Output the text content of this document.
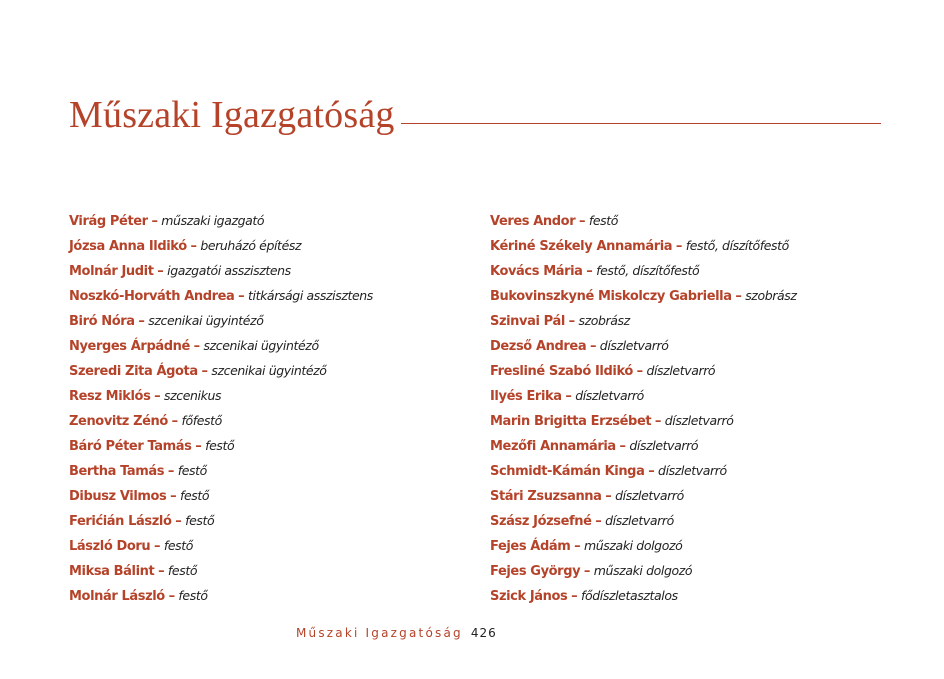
Műszaki Igazgatóság
Virág Péter – műszaki igazgató
Józsa Anna Ildikó – beruházó építész
Molnár Judit – igazgatói asszisztens
Noszkó-Horváth Andrea – titkársági asszisztens
Biró Nóra – szcenikai ügyintéző
Nyerges Árpádné – szcenikai ügyintéző
Szeredi Zita Ágota – szcenikai ügyintéző
Resz Miklós – szcenikus
Zenovitz Zénó – főfestő
Báró Péter Tamás – festő
Bertha Tamás – festő
Dibusz Vilmos – festő
Ferićián László – festő
László Doru – festő
Miksa Bálint – festő
Molnár László – festő
Veres Andor – festő
Kériné Székely Annamária – festő, díszítőfestő
Kovács Mária – festő, díszítőfestő
Bukovinszkyné Miskolczy Gabriella – szobrász
Szinvai Pál – szobrász
Dezső Andrea – díszletvarró
Fresliné Szabó Ildikó – díszletvarró
Ilyés Erika – díszletvarró
Marin Brigitta Erzsébet – díszletvarró
Mezőfi Annamária – díszletvarró
Schmidt-Kámán Kinga – díszletvarró
Stári Zsuzsanna – díszletvarró
Szász Józsefné – díszletvarró
Fejes Ádám – műszaki dolgozó
Fejes György – műszaki dolgozó
Szick János – fődíszletasztalos
Műszaki Igazgatóság 426
